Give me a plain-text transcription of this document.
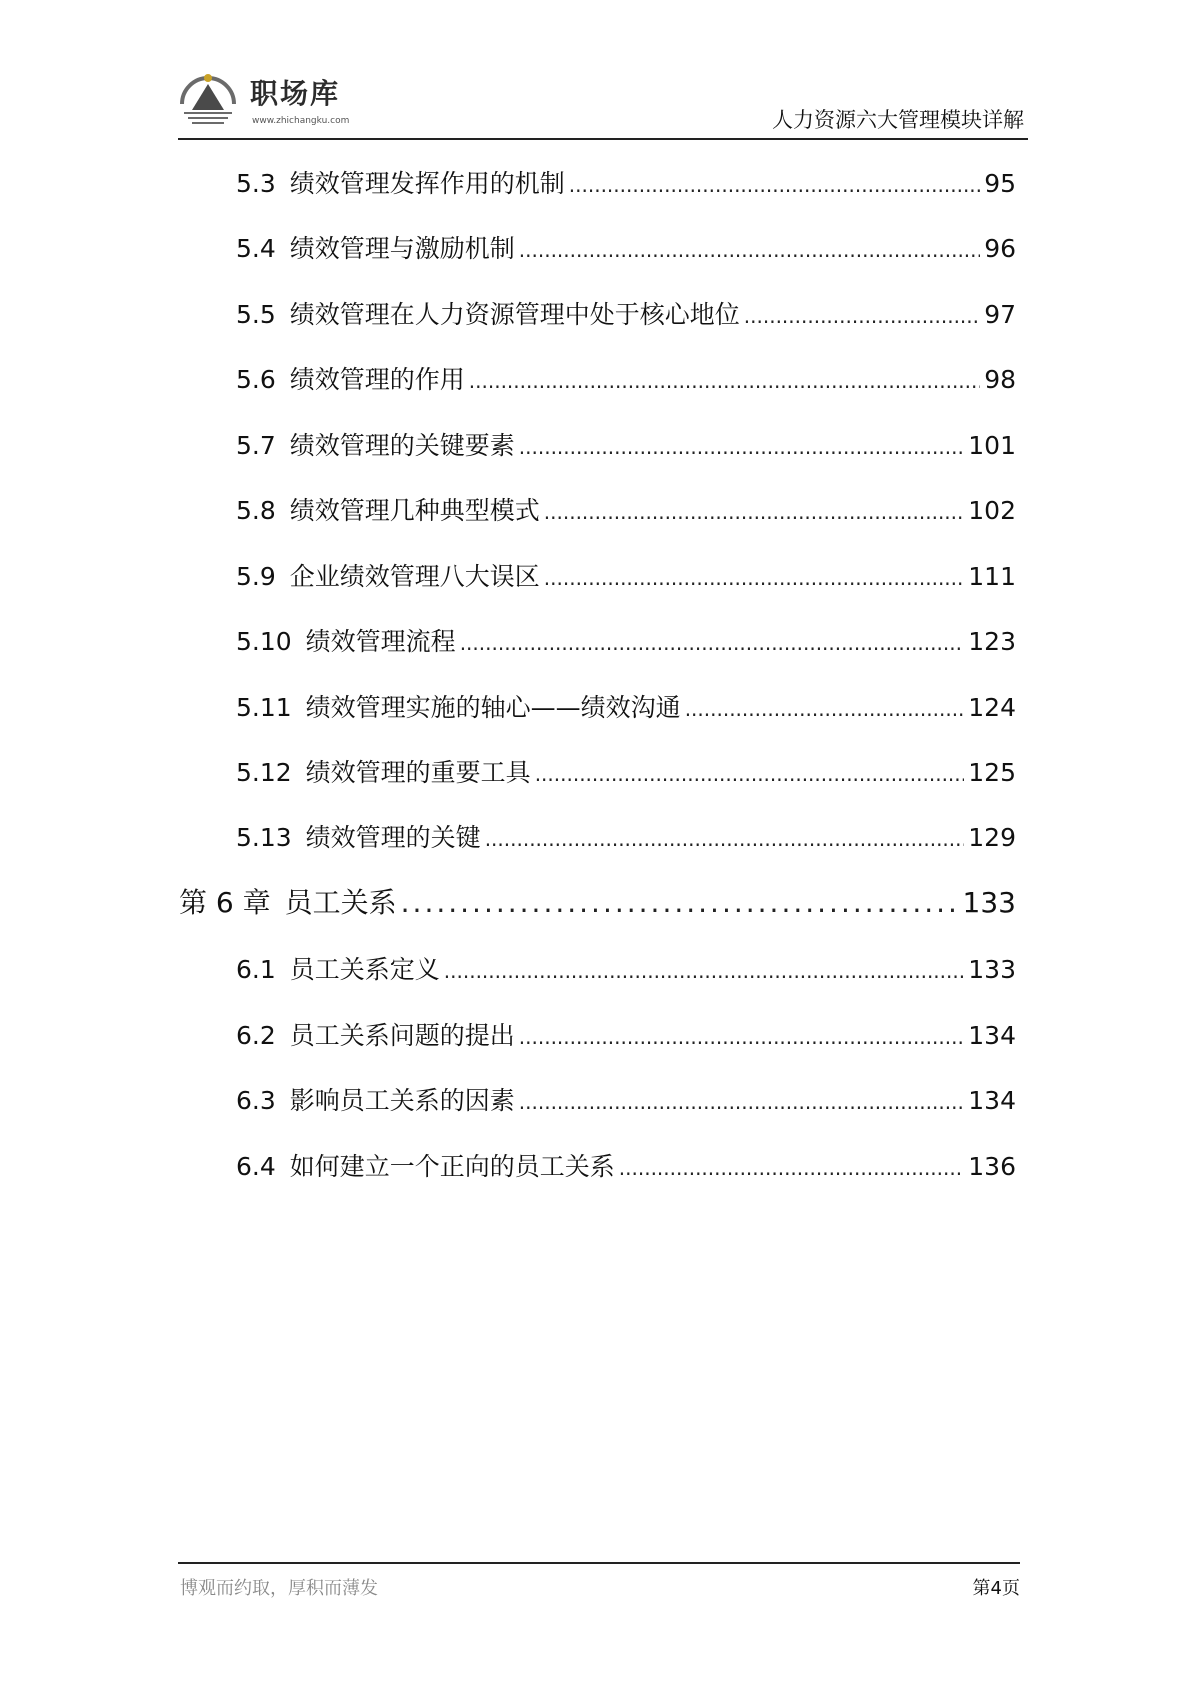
职场库
www.zhichangku.com	人力资源六大管理模块详解
5.3 绩效管理发挥作用的机制 .....	95
5.4 绩效管理与激励机制 .....	96
5.5 绩效管理在人力资源管理中处于核心地位 .....	97
5.6 绩效管理的作用 .....	98
5.7 绩效管理的关键要素 .....	101
5.8 绩效管理几种典型模式 .....	102
5.9 企业绩效管理八大误区 .....	111
5.10 绩效管理流程 .....	123
5.11 绩效管理实施的轴心——绩效沟通 .....	124
5.12 绩效管理的重要工具 .....	125
5.13 绩效管理的关键 .....	129
第 6 章 员工关系 .....	133
6.1 员工关系定义 .....	133
6.2 员工关系问题的提出 .....	134
6.3 影响员工关系的因素 .....	134
6.4 如何建立一个正向的员工关系 .....	136
博观而约取，厚积而薄发	第4页
